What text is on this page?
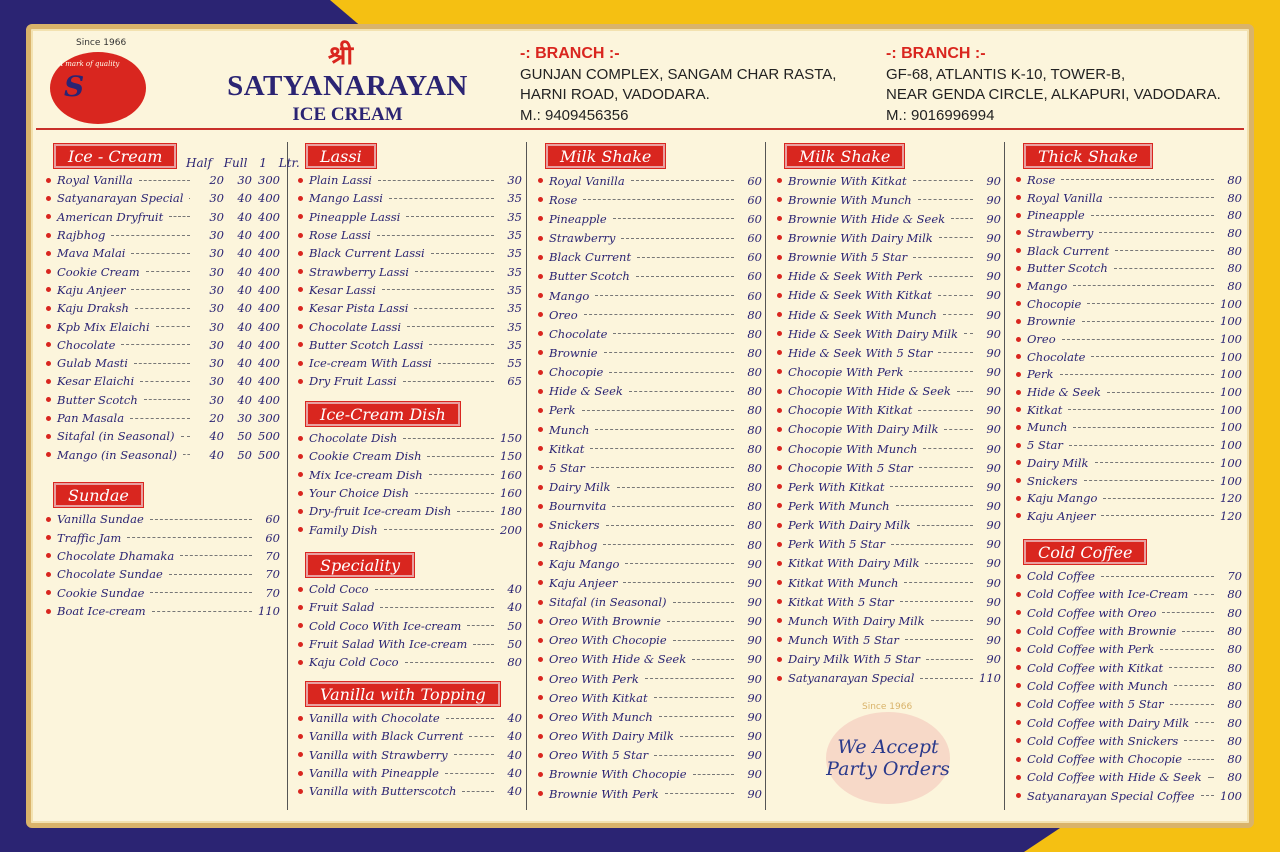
Since 1966
A mark of quality
S
श्री
SATYANARAYAN
ICE CREAM
-: BRANCH :-
GUNJAN COMPLEX, SANGAM CHAR RASTA,
HARNI ROAD, VADODARA.
M.: 9409456356
-: BRANCH :-
GF-68, ATLANTIS K-10, TOWER-B,
NEAR GENDA CIRCLE, ALKAPURI, VADODARA.
M.: 9016996994
Half Full 1 Ltr.
Ice - Cream
Royal Vanilla	20	30 300
Satyanarayan Special	30	40 400
American Dryfruit	30	40 400
Rajbhog	30	40 400
Mava Malai	30	40 400
Cookie Cream	30	40 400
Kaju Anjeer	30	40 400
Kaju Draksh	30	40 400
Kpb Mix Elaichi	30	40 400
Chocolate	30	40 400
Gulab Masti	30	40 400
Kesar Elaichi	30	40 400
Butter Scotch	30	40 400
Pan Masala	20	30 300
Sitafal (in Seasonal)	40	50 500
Mango (in Seasonal)	40	50 500
Sundae
Vanilla Sundae	60
Traffic Jam	60
Chocolate Dhamaka	70
Chocolate Sundae	70
Cookie Sundae	70
Boat Ice-cream	110
Lassi
Plain Lassi	30
Mango Lassi	35
Pineapple Lassi	35
Rose Lassi	35
Black Current Lassi	35
Strawberry Lassi	35
Kesar Lassi	35
Kesar Pista Lassi	35
Chocolate Lassi	35
Butter Scotch Lassi	35
Ice-cream With Lassi	55
Dry Fruit Lassi	65
Ice-Cream Dish
Chocolate Dish	150
Cookie Cream Dish	150
Mix Ice-cream Dish	160
Your Choice Dish	160
Dry-fruit Ice-cream Dish	180
Family Dish	200
Speciality
Cold Coco	40
Fruit Salad	40
Cold Coco With Ice-cream	50
Fruit Salad With Ice-cream	50
Kaju Cold Coco	80
Vanilla with Topping
Vanilla with Chocolate	40
Vanilla with Black Current	40
Vanilla with Strawberry	40
Vanilla with Pineapple	40
Vanilla with Butterscotch	40
Milk Shake
Royal Vanilla	60
Rose	60
Pineapple	60
Strawberry	60
Black Current	60
Butter Scotch	60
Mango	60
Oreo	80
Chocolate	80
Brownie	80
Chocopie	80
Hide & Seek	80
Perk	80
Munch	80
Kitkat	80
5 Star	80
Dairy Milk	80
Bournvita	80
Snickers	80
Rajbhog	80
Kaju Mango	90
Kaju Anjeer	90
Sitafal (in Seasonal)	90
Oreo With Brownie	90
Oreo With Chocopie	90
Oreo With Hide & Seek	90
Oreo With Perk	90
Oreo With Kitkat	90
Oreo With Munch	90
Oreo With Dairy Milk	90
Oreo With 5 Star	90
Brownie With Chocopie	90
Brownie With Perk	90
Milk Shake
Brownie With Kitkat	90
Brownie With Munch	90
Brownie With Hide & Seek	90
Brownie With Dairy Milk	90
Brownie With 5 Star	90
Hide & Seek With Perk	90
Hide & Seek With Kitkat	90
Hide & Seek With Munch	90
Hide & Seek With Dairy Milk	90
Hide & Seek With 5 Star	90
Chocopie With Perk	90
Chocopie With Hide & Seek	90
Chocopie With Kitkat	90
Chocopie With Dairy Milk	90
Chocopie With Munch	90
Chocopie With 5 Star	90
Perk With Kitkat	90
Perk With Munch	90
Perk With Dairy Milk	90
Perk With 5 Star	90
Kitkat With Dairy Milk	90
Kitkat With Munch	90
Kitkat With 5 Star	90
Munch With Dairy Milk	90
Munch With 5 Star	90
Dairy Milk With 5 Star	90
Satyanarayan Special	110
Thick Shake
Rose	80
Royal Vanilla	80
Pineapple	80
Strawberry	80
Black Current	80
Butter Scotch	80
Mango	80
Chocopie	100
Brownie	100
Oreo	100
Chocolate	100
Perk	100
Hide & Seek	100
Kitkat	100
Munch	100
5 Star	100
Dairy Milk	100
Snickers	100
Kaju Mango	120
Kaju Anjeer	120
Cold Coffee
Cold Coffee	70
Cold Coffee with Ice-Cream	80
Cold Coffee with Oreo	80
Cold Coffee with Brownie	80
Cold Coffee with Perk	80
Cold Coffee with Kitkat	80
Cold Coffee with Munch	80
Cold Coffee with 5 Star	80
Cold Coffee with Dairy Milk	80
Cold Coffee with Snickers	80
Cold Coffee with Chocopie	80
Cold Coffee with Hide & Seek	80
Satyanarayan Special Coffee 100
Since 1966
We Accept
Party Orders
